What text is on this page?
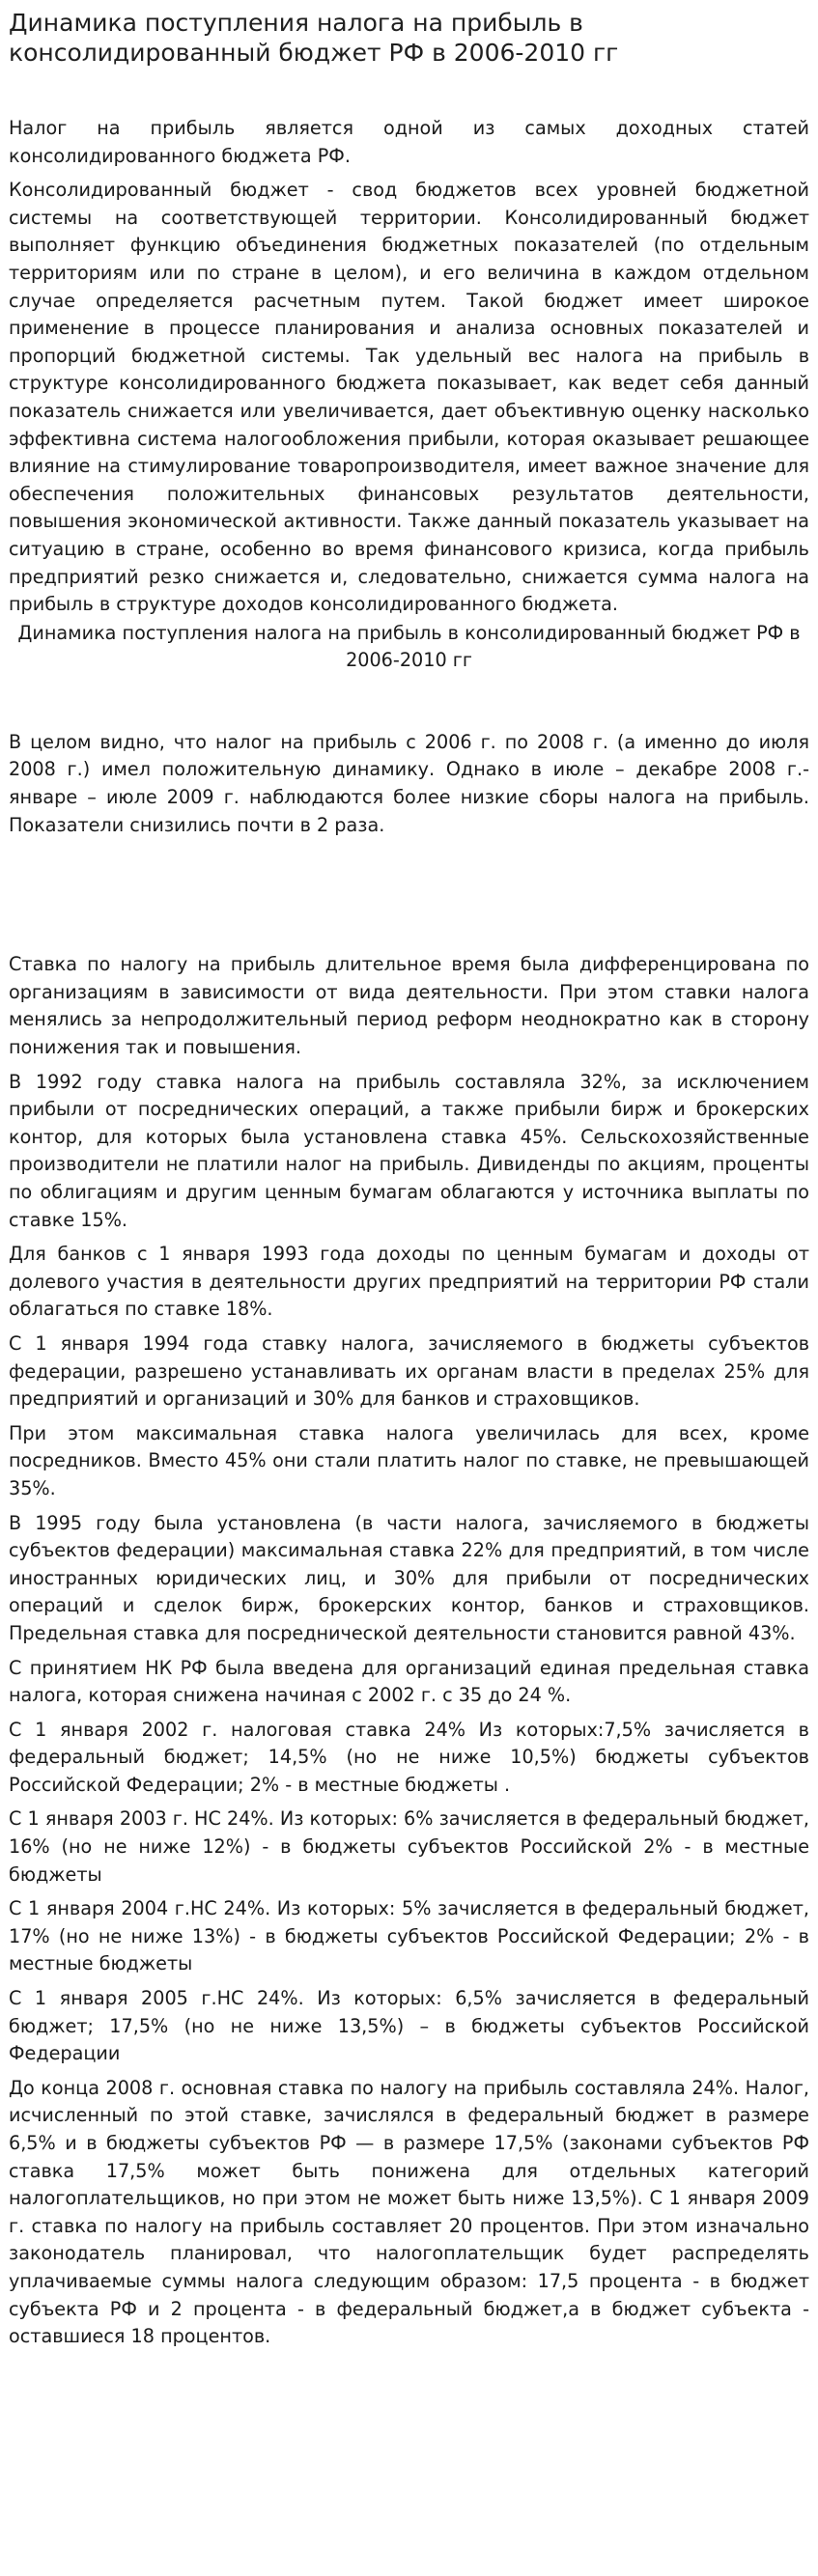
Динамика поступления налога на прибыль в консолидированный бюджет РФ в 2006-2010 гг

Налог на прибыль является одной из самых доходных статей консолидированного бюджета РФ.

Консолидированный бюджет - свод бюджетов всех уровней бюджетной системы на соответствующей территории. Консолидированный бюджет выполняет функцию объединения бюджетных показателей (по отдельным территориям или по стране в целом), и его величина в каждом отдельном случае определяется расчетным путем. Такой бюджет имеет широкое применение в процессе планирования и анализа основных показателей и пропорций бюджетной системы. Так удельный вес налога на прибыль в структуре консолидированного бюджета показывает, как ведет себя данный показатель снижается или увеличивается, дает объективную оценку насколько эффективна система налогообложения прибыли, которая оказывает решающее влияние на стимулирование товаропроизводителя, имеет важное значение для обеспечения положительных финансовых результатов деятельности, повышения экономической активности. Также данный показатель указывает на ситуацию в стране, особенно во время финансового кризиса, когда прибыль предприятий резко снижается и, следовательно, снижается сумма налога на прибыль в структуре доходов консолидированного бюджета.

Динамика поступления налога на прибыль в консолидированный бюджет РФ в 2006-2010 гг

В целом видно, что налог на прибыль с 2006 г. по 2008 г. (а именно до июля 2008 г.) имел положительную динамику. Однако в июле – декабре 2008 г.- январе – июле 2009 г. наблюдаются более низкие сборы налога на прибыль. Показатели снизились почти в 2 раза.

Ставка по налогу на прибыль длительное время была дифференцирована по организациям в зависимости от вида деятельности. При этом ставки налога менялись за непродолжительный период реформ неоднократно как в сторону понижения так и повышения.

В 1992 году ставка налога на прибыль составляла 32%, за исключением прибыли от посреднических операций, а также прибыли бирж и брокерских контор, для которых была установлена ставка 45%. Сельскохозяйственные производители не платили налог на прибыль. Дивиденды по акциям, проценты по облигациям и другим ценным бумагам облагаются у источника выплаты по ставке 15%.

Для банков с 1 января 1993 года доходы по ценным бумагам и доходы от долевого участия в деятельности других предприятий на территории РФ стали облагаться по ставке 18%.

С 1 января 1994 года ставку налога, зачисляемого в бюджеты субъектов федерации, разрешено устанавливать их органам власти в пределах 25% для предприятий и организаций и 30% для банков и страховщиков.

При этом максимальная ставка налога увеличилась для всех, кроме посредников. Вместо 45% они стали платить налог по ставке, не превышающей 35%.

В 1995 году была установлена (в части налога, зачисляемого в бюджеты субъектов федерации) максимальная ставка 22% для предприятий, в том числе иностранных юридических лиц, и 30% для прибыли от посреднических операций и сделок бирж, брокерских контор, банков и страховщиков. Предельная ставка для посреднической деятельности становится равной 43%.

С принятием НК РФ была введена для организаций единая предельная ставка налога, которая снижена начиная с 2002 г. с 35 до 24 %.

С 1 января 2002 г. налоговая ставка 24% Из которых:7,5% зачисляется в федеральный бюджет; 14,5% (но не ниже 10,5%) бюджеты субъектов Российской Федерации; 2% - в местные бюджеты .

С 1 января 2003 г. НС 24%. Из которых: 6% зачисляется в федеральный бюджет, 16% (но не ниже 12%) - в бюджеты субъектов Российской 2% - в местные бюджеты

С 1 января 2004 г.НС 24%. Из которых: 5% зачисляется в федеральный бюджет, 17% (но не ниже 13%) - в бюджеты субъектов Российской Федерации; 2% - в местные бюджеты

С 1 января 2005 г.НС 24%. Из которых: 6,5% зачисляется в федеральный бюджет; 17,5% (но не ниже 13,5%) – в бюджеты субъектов Российской Федерации

До конца 2008 г. основная ставка по налогу на прибыль составляла 24%. Налог, исчисленный по этой ставке, зачислялся в федеральный бюджет в размере 6,5% и в бюджеты субъектов РФ — в размере 17,5% (законами субъектов РФ ставка 17,5% может быть понижена для отдельных категорий налогоплательщиков, но при этом не может быть ниже 13,5%). С 1 января 2009 г. ставка по налогу на прибыль составляет 20 процентов. При этом изначально законодатель планировал, что налогоплательщик будет распределять уплачиваемые суммы налога следующим образом: 17,5 процента - в бюджет субъекта РФ и 2 процента - в федеральный бюджет,а в бюджет субъекта - оставшиеся 18 процентов.
